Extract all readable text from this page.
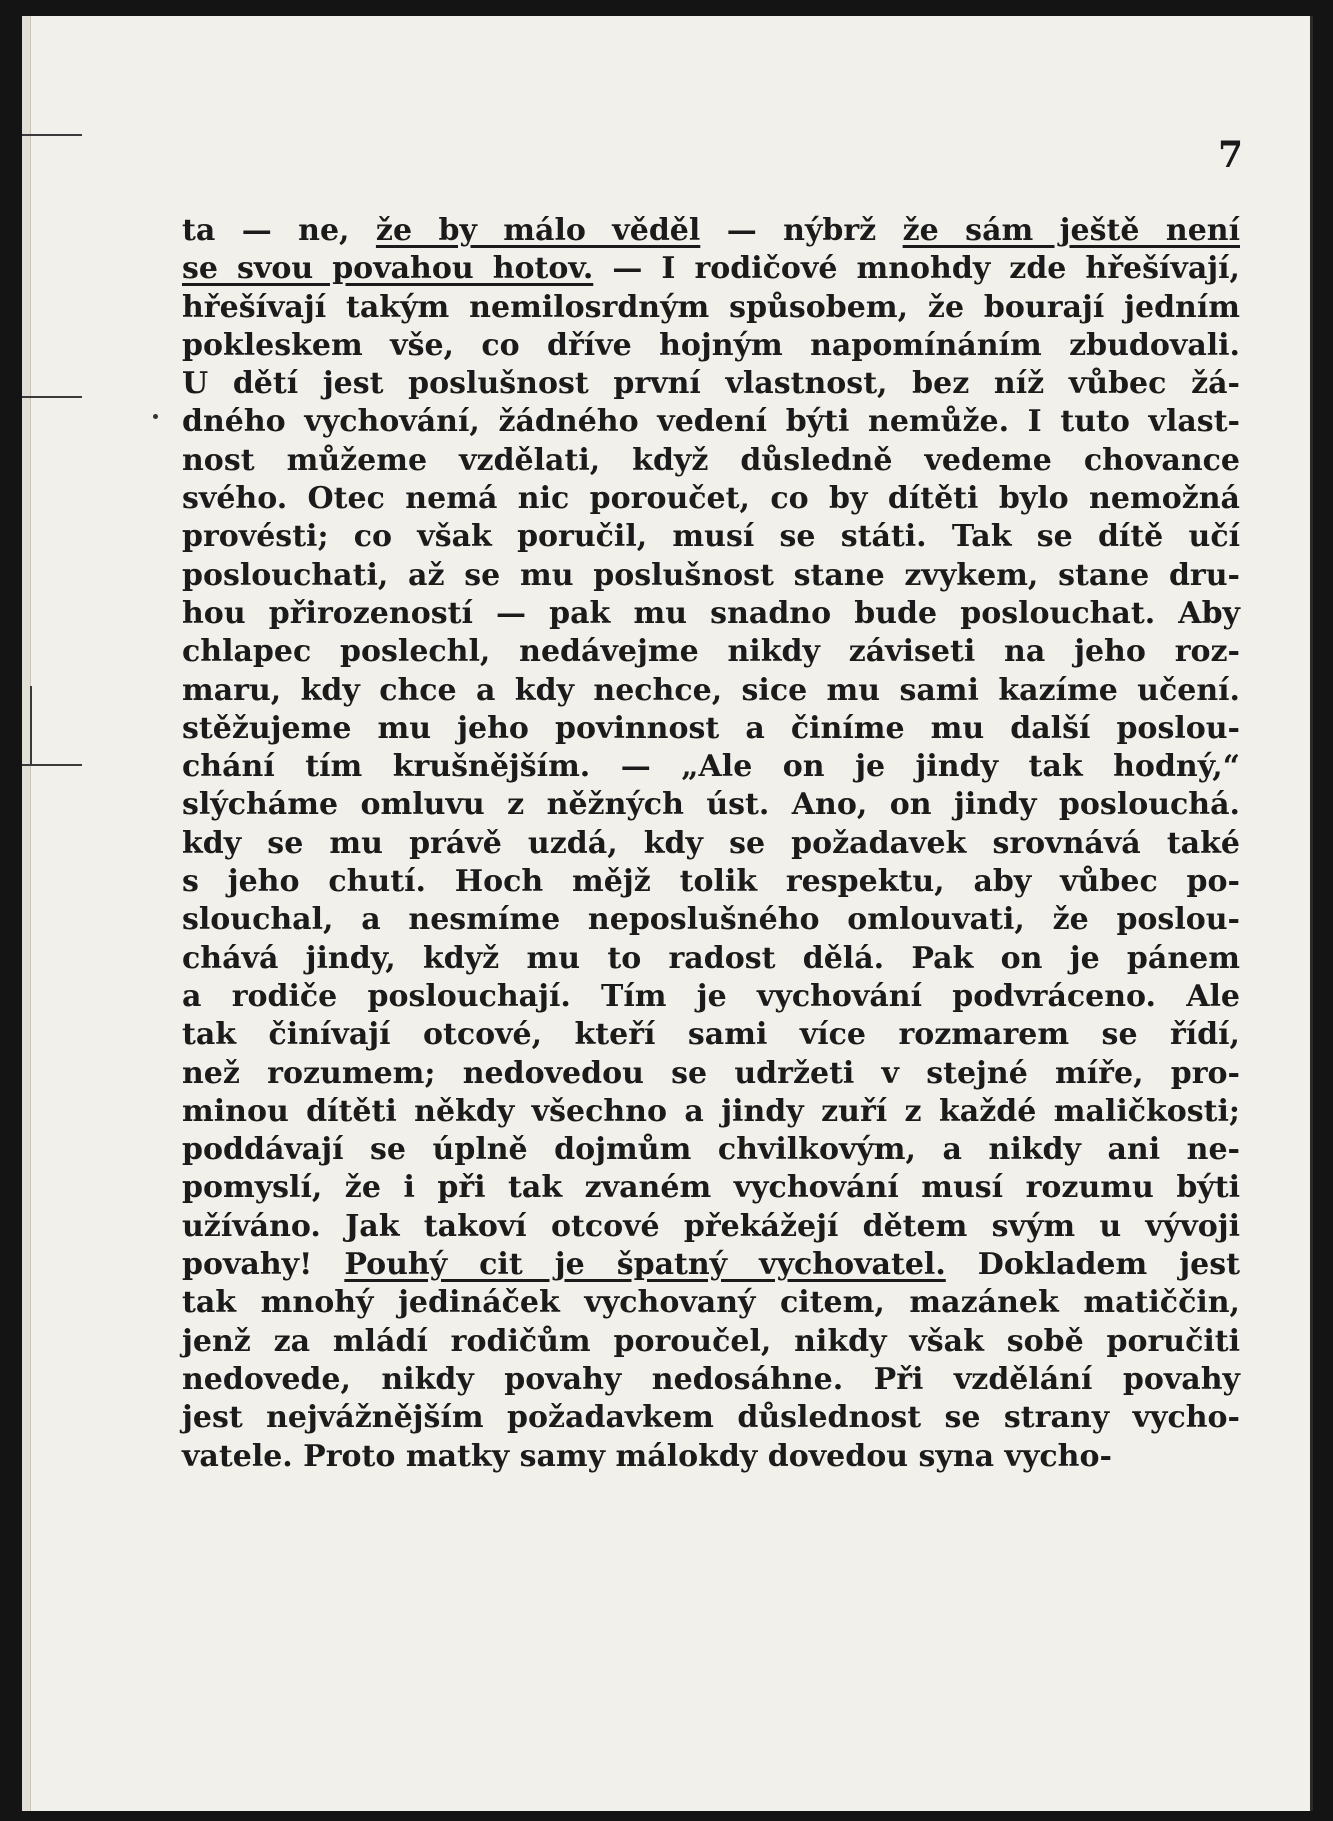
7
ta — ne, že by málo věděl — nýbrž že sám ještě není
se svou povahou hotov. — I rodičové mnohdy zde hřešívají,
hřešívají takým nemilosrdným spůsobem, že bourají jedním
pokleskem vše, co dříve hojným napomínáním zbudovali.
U dětí jest poslušnost první vlastnost, bez níž vůbec žá-
dného vychování, žádného vedení býti nemůže. I tuto vlast-
nost můžeme vzdělati, když důsledně vedeme chovance
svého. Otec nemá nic poroučet, co by dítěti bylo nemožná
provésti; co však poručil, musí se státi. Tak se dítě učí
poslouchati, až se mu poslušnost stane zvykem, stane dru-
hou přirozeností — pak mu snadno bude poslouchat. Aby
chlapec poslechl, nedávejme nikdy záviseti na jeho roz-
maru, kdy chce a kdy nechce, sice mu sami kazíme učení.
stěžujeme mu jeho povinnost a činíme mu další poslou-
chání tím krušnějším. — „Ale on je jindy tak hodný,“
slýcháme omluvu z něžných úst. Ano, on jindy poslouchá.
kdy se mu právě uzdá, kdy se požadavek srovnává také
s jeho chutí. Hoch mějž tolik respektu, aby vůbec po-
slouchal, a nesmíme neposlušného omlouvati, že poslou-
chává jindy, když mu to radost dělá. Pak on je pánem
a rodiče poslouchají. Tím je vychování podvráceno. Ale
tak činívají otcové, kteří sami více rozmarem se řídí,
než rozumem; nedovedou se udržeti v stejné míře, pro-
minou dítěti někdy všechno a jindy zuří z každé maličkosti;
poddávají se úplně dojmům chvilkovým, a nikdy ani ne-
pomyslí, že i při tak zvaném vychování musí rozumu býti
užíváno. Jak takoví otcové překážejí dětem svým u vývoji
povahy! Pouhý cit je špatný vychovatel. Dokladem jest
tak mnohý jedináček vychovaný citem, mazánek matiččin,
jenž za mládí rodičům poroučel, nikdy však sobě poručiti
nedovede, nikdy povahy nedosáhne. Při vzdělání povahy
jest nejvážnějším požadavkem důslednost se strany vycho-
vatele. Proto matky samy málokdy dovedou syna vycho-
